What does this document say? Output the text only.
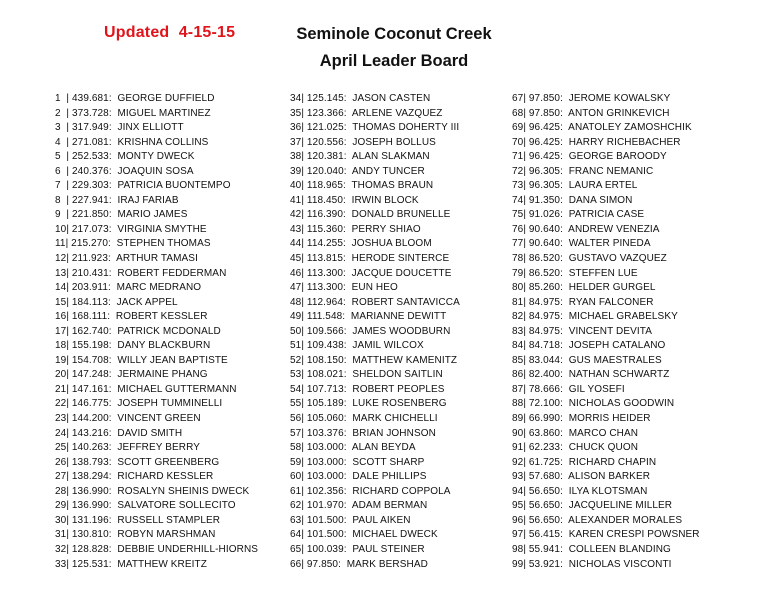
Updated  4-15-15	Seminole Coconut Creek
April Leader Board
1  | 439.681:  GEORGE DUFFIELD
2  | 373.728:  MIGUEL MARTINEZ
3  | 317.949:  JINX ELLIOTT
4  | 271.081:  KRISHNA COLLINS
5  | 252.533:  MONTY DWECK
6  | 240.376:  JOAQUIN SOSA
7  | 229.303:  PATRICIA BUONTEMPO
8  | 227.941:  IRAJ FARIAB
9  | 221.850:  MARIO JAMES
10| 217.073:  VIRGINIA SMYTHE
11| 215.270:  STEPHEN THOMAS
12| 211.923:  ARTHUR TAMASI
13| 210.431:  ROBERT FEDDERMAN
14| 203.911:  MARC MEDRANO
15| 184.113:  JACK APPEL
16| 168.111:  ROBERT KESSLER
17| 162.740:  PATRICK MCDONALD
18| 155.198:  DANY BLACKBURN
19| 154.708:  WILLY JEAN BAPTISTE
20| 147.248:  JERMAINE PHANG
21| 147.161:  MICHAEL GUTTERMANN
22| 146.775:  JOSEPH TUMMINELLI
23| 144.200:  VINCENT GREEN
24| 143.216:  DAVID SMITH
25| 140.263:  JEFFREY BERRY
26| 138.793:  SCOTT GREENBERG
27| 138.294:  RICHARD KESSLER
28| 136.990:  ROSALYN SHEINIS DWECK
29| 136.990:  SALVATORE SOLLECITO
30| 131.196:  RUSSELL STAMPLER
31| 130.810:  ROBYN MARSHMAN
32| 128.828:  DEBBIE UNDERHILL-HIORNS
33| 125.531:  MATTHEW KREITZ
34| 125.145:  JASON CASTEN
35| 123.366:  ARLENE VAZQUEZ
36| 121.025:  THOMAS DOHERTY III
37| 120.556:  JOSEPH BOLLUS
38| 120.381:  ALAN SLAKMAN
39| 120.040:  ANDY TUNCER
40| 118.965:  THOMAS BRAUN
41| 118.450:  IRWIN BLOCK
42| 116.390:  DONALD BRUNELLE
43| 115.360:  PERRY SHIAO
44| 114.255:  JOSHUA BLOOM
45| 113.815:  HERODE SINTERCE
46| 113.300:  JACQUE DOUCETTE
47| 113.300:  EUN HEO
48| 112.964:  ROBERT SANTAVICCA
49| 111.548:  MARIANNE DEWITT
50| 109.566:  JAMES WOODBURN
51| 109.438:  JAMIL WILCOX
52| 108.150:  MATTHEW KAMENITZ
53| 108.021:  SHELDON SAITLIN
54| 107.713:  ROBERT PEOPLES
55| 105.189:  LUKE ROSENBERG
56| 105.060:  MARK CHICHELLI
57| 103.376:  BRIAN JOHNSON
58| 103.000:  ALAN BEYDA
59| 103.000:  SCOTT SHARP
60| 103.000:  DALE PHILLIPS
61| 102.356:  RICHARD COPPOLA
62| 101.970:  ADAM BERMAN
63| 101.500:  PAUL AIKEN
64| 101.500:  MICHAEL DWECK
65| 100.039:  PAUL STEINER
66| 97.850:  MARK BERSHAD
67| 97.850:  JEROME KOWALSKY
68| 97.850:  ANTON GRINKEVICH
69| 96.425:  ANATOLEY ZAMOSHCHIK
70| 96.425:  HARRY RICHEBACHER
71| 96.425:  GEORGE BAROODY
72| 96.305:  FRANC NEMANIC
73| 96.305:  LAURA ERTEL
74| 91.350:  DANA SIMON
75| 91.026:  PATRICIA CASE
76| 90.640:  ANDREW VENEZIA
77| 90.640:  WALTER PINEDA
78| 86.520:  GUSTAVO VAZQUEZ
79| 86.520:  STEFFEN LUE
80| 85.260:  HELDER GURGEL
81| 84.975:  RYAN FALCONER
82| 84.975:  MICHAEL GRABELSKY
83| 84.975:  VINCENT DEVITA
84| 84.718:  JOSEPH CATALANO
85| 83.044:  GUS MAESTRALES
86| 82.400:  NATHAN SCHWARTZ
87| 78.666:  GIL YOSEFI
88| 72.100:  NICHOLAS GOODWIN
89| 66.990:  MORRIS HEIDER
90| 63.860:  MARCO CHAN
91| 62.233:  CHUCK QUON
92| 61.725:  RICHARD CHAPIN
93| 57.680:  ALISON BARKER
94| 56.650:  ILYA KLOTSMAN
95| 56.650:  JACQUELINE MILLER
96| 56.650:  ALEXANDER MORALES
97| 56.415:  KAREN CRESPI POWSNER
98| 55.941:  COLLEEN BLANDING
99| 53.921:  NICHOLAS VISCONTI
